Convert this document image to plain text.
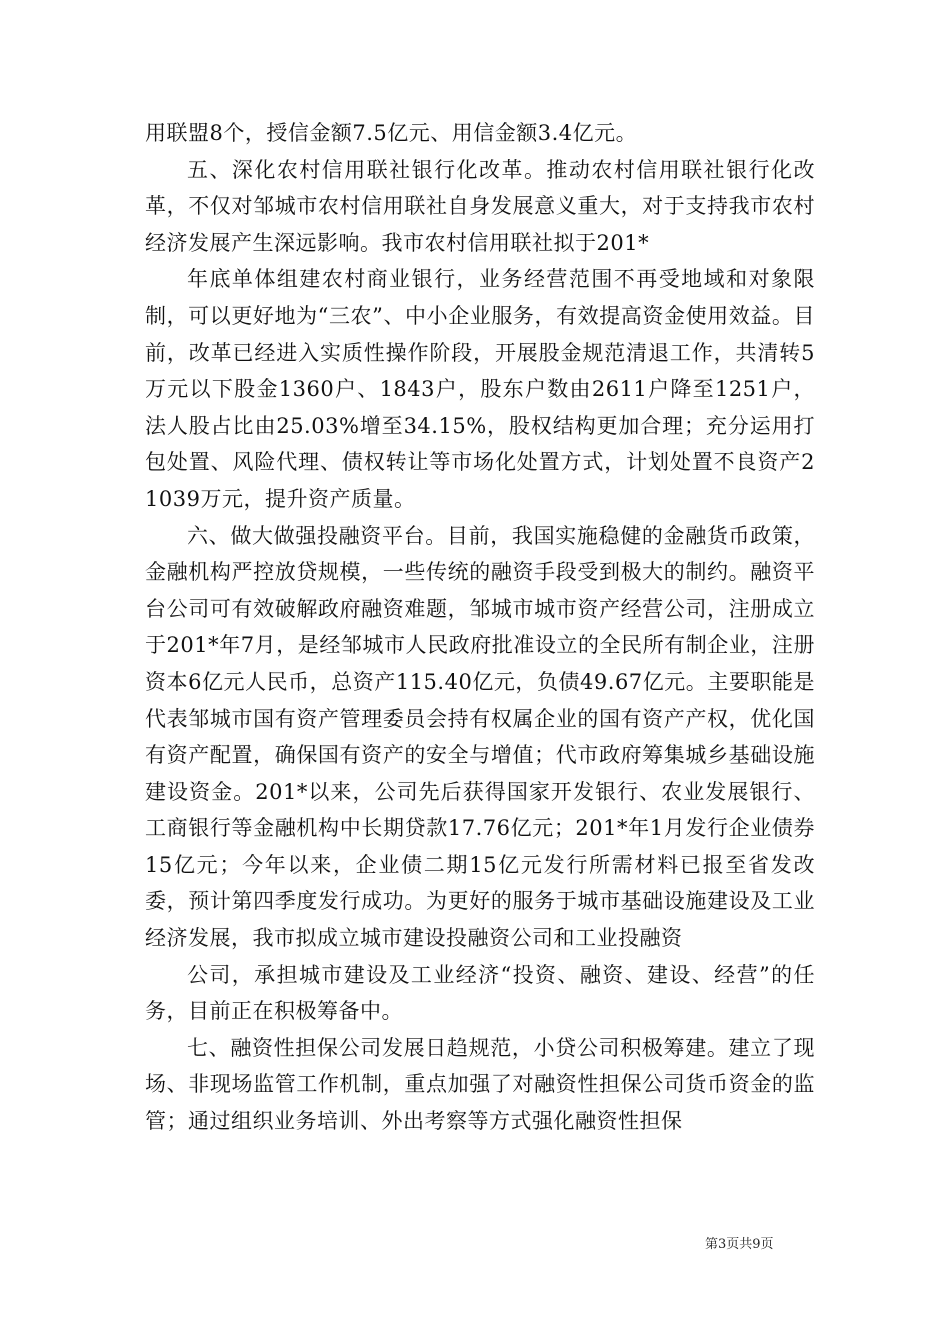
用联盟8个，授信金额7.5亿元、用信金额3.4亿元。

五、深化农村信用联社银行化改革。推动农村信用联社银行化改革，不仅对邹城市农村信用联社自身发展意义重大，对于支持我市农村经济发展产生深远影响。我市农村信用联社拟于201*

年底单体组建农村商业银行，业务经营范围不再受地域和对象限制，可以更好地为“三农”、中小企业服务，有效提高资金使用效益。目前，改革已经进入实质性操作阶段，开展股金规范清退工作，共清转5万元以下股金1360户、1843户，股东户数由2611户降至1251户，法人股占比由25.03%增至34.15%，股权结构更加合理；充分运用打包处置、风险代理、债权转让等市场化处置方式，计划处置不良资产21039万元，提升资产质量。

六、做大做强投融资平台。目前，我国实施稳健的金融货币政策，金融机构严控放贷规模，一些传统的融资手段受到极大的制约。融资平台公司可有效破解政府融资难题，邹城市城市资产经营公司，注册成立于201*年7月，是经邹城市人民政府批准设立的全民所有制企业，注册资本6亿元人民币，总资产115.40亿元，负债49.67亿元。主要职能是代表邹城市国有资产管理委员会持有权属企业的国有资产产权，优化国有资产配置，确保国有资产的安全与增值；代市政府筹集城乡基础设施建设资金。201*以来，公司先后获得国家开发银行、农业发展银行、工商银行等金融机构中长期贷款17.76亿元；201*年1月发行企业债券15亿元；今年以来，企业债二期15亿元发行所需材料已报至省发改委，预计第四季度发行成功。为更好的服务于城市基础设施建设及工业经济发展，我市拟成立城市建设投融资公司和工业投融资

公司，承担城市建设及工业经济“投资、融资、建设、经营”的任务，目前正在积极筹备中。

七、融资性担保公司发展日趋规范，小贷公司积极筹建。建立了现场、非现场监管工作机制，重点加强了对融资性担保公司货币资金的监管；通过组织业务培训、外出考察等方式强化融资性担保

第3页共9页
